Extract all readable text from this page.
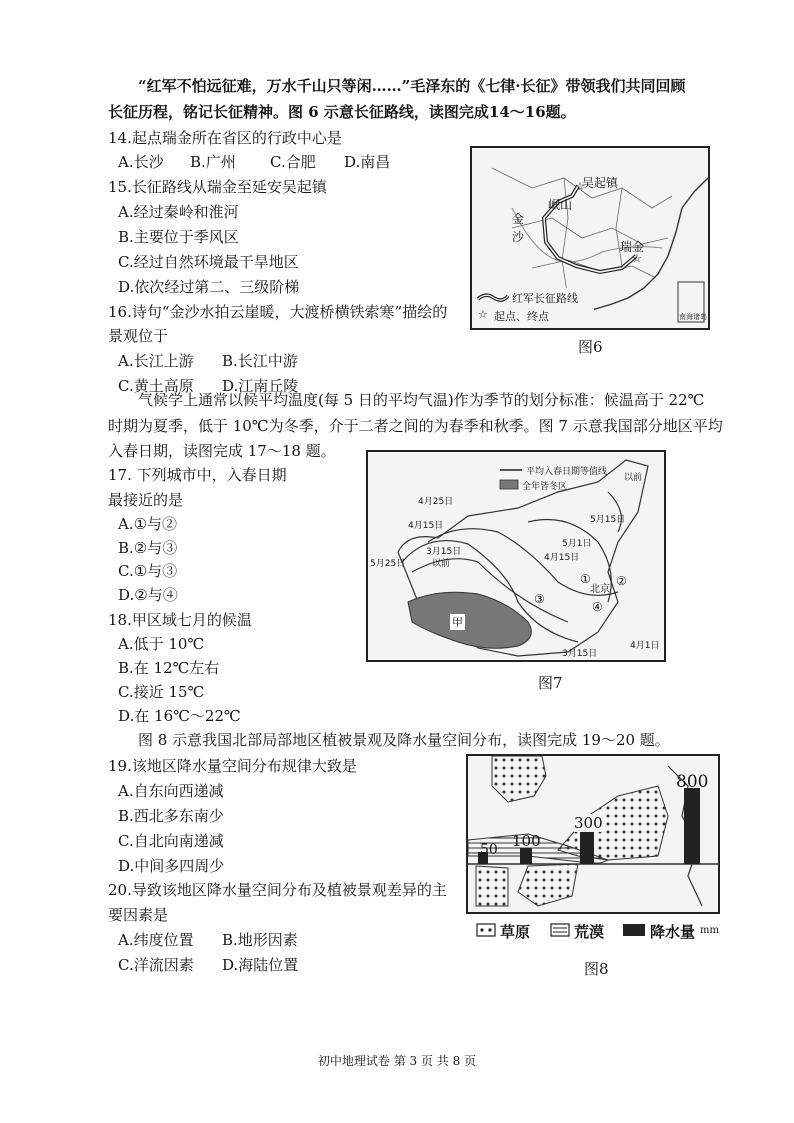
“红军不怕远征难，万水千山只等闲……”毛泽东的《七律·长征》带领我们共同回顾
长征历程，铭记长征精神。图 6 示意长征路线，读图完成14～16题。
14.起点瑞金所在省区的行政中心是
A.长沙 B.广州 C.合肥 D.南昌
15.长征路线从瑞金至延安吴起镇
A.经过秦岭和淮河
B.主要位于季风区
C.经过自然环境最干旱地区
D.依次经过第二、三级阶梯
16.诗句“金沙水拍云崖暖，大渡桥横铁索寒”描绘的
景观位于
A.长江上游 B.长江中游
C.黄土高原 D.江南丘陵
☆
☆
吴起镇
岷山
瑞金
金
沙
南海诸岛
红军长征路线
☆ 起点、终点
图6
气候学上通常以候平均温度(每 5 日的平均气温)作为季节的划分标准：候温高于 22℃
时期为夏季，低于 10℃为冬季，介于二者之间的为春季和秋季。图 7 示意我国部分地区平均
入春日期，读图完成 17～18 题。
17. 下列城市中，入春日期
最接近的是
A.①与②
B.②与③
C.①与③
D.②与④
18.甲区域七月的候温
A.低于 10℃
B.在 12℃左右
C.接近 15℃
D.在 16℃～22℃
平均入春日期等值线
全年皆冬区
以前
4月25日
4月15日
5月15日
5月1日
5月25日
3月15日
以前
4月15日
北京
甲
4月1日
3月15日
① ②
③
④
图7
图 8 示意我国北部局部地区植被景观及降水量空间分布，读图完成 19～20 题。
19.该地区降水量空间分布规律大致是
A.自东向西递减
B.西北多东南少
C.自北向南递减
D.中间多四周少
20.导致该地区降水量空间分布及植被景观差异的主
要因素是
A.纬度位置 B.地形因素
C.洋流因素 D.海陆位置
50 100
300
800
草原	荒漠	降水量 mm
图8
初中地理试卷 第 3 页 共 8 页
